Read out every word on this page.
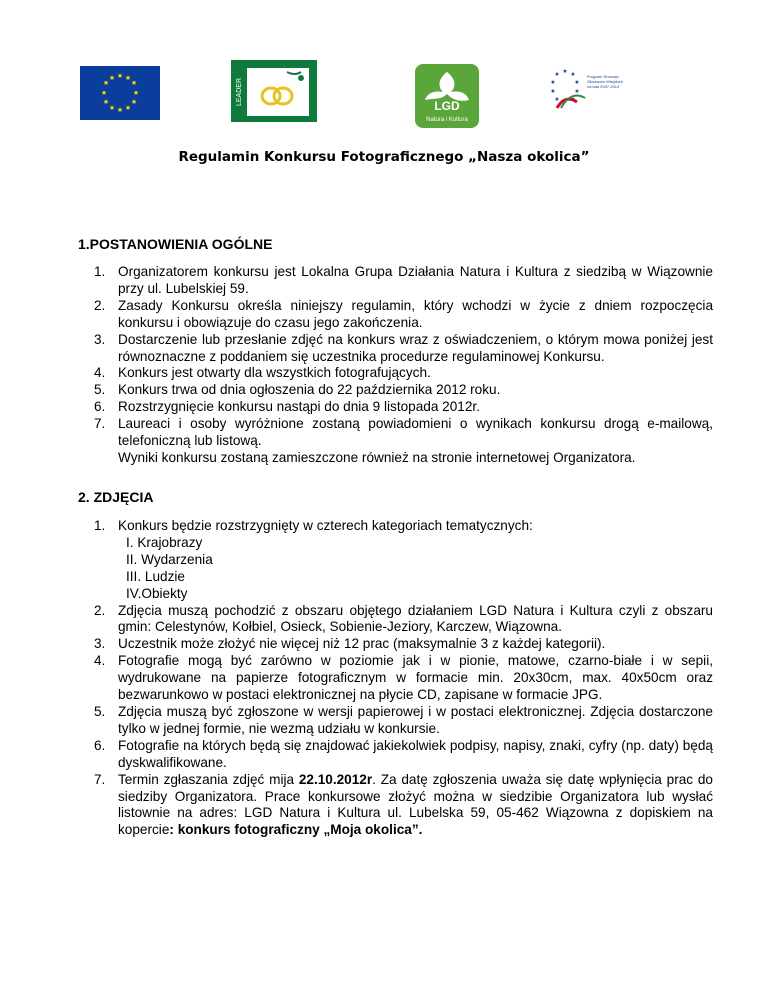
★ ★
★
★
★
★
★
★
★
★
★
★	LEADER	LGD
Natura i Kultura
★ ★ ★
★	★
★	★
★ ★
Program Rozwoju Obszarów Wiejskich na lata 2007-2013
Regulamin Konkursu Fotograficznego „Nasza okolica”
1.POSTANOWIENIA OGÓLNE
1. Organizatorem konkursu jest Lokalna Grupa Działania Natura i Kultura z siedzibą w Wiązownie przy ul. Lubelskiej 59.
2. Zasady Konkursu określa niniejszy regulamin, który wchodzi w życie z dniem rozpoczęcia konkursu i obowiązuje do czasu jego zakończenia.
3. Dostarczenie lub przesłanie zdjęć na konkurs wraz z oświadczeniem, o którym mowa poniżej jest równoznaczne z poddaniem się uczestnika procedurze regulaminowej Konkursu.
4. Konkurs jest otwarty dla wszystkich fotografujących.
5. Konkurs trwa od dnia ogłoszenia do 22 października 2012 roku.
6. Rozstrzygnięcie konkursu nastąpi do dnia 9 listopada 2012r.
7. Laureaci i osoby wyróżnione zostaną powiadomieni o wynikach konkursu drogą e-mailową, telefoniczną lub listową.
Wyniki konkursu zostaną zamieszczone również na stronie internetowej Organizatora.
2. ZDJĘCIA
1. Konkurs będzie rozstrzygnięty w czterech kategoriach tematycznych:
I. Krajobrazy
II. Wydarzenia
III. Ludzie
IV.Obiekty
2. Zdjęcia muszą pochodzić z obszaru objętego działaniem LGD Natura i Kultura czyli z obszaru gmin: Celestynów, Kołbiel, Osieck, Sobienie-Jeziory, Karczew, Wiązowna.
3. Uczestnik może złożyć nie więcej niż 12 prac (maksymalnie 3 z każdej kategorii).
4. Fotografie mogą być zarówno w poziomie jak i w pionie, matowe, czarno-białe i w sepii, wydrukowane na papierze fotograficznym w formacie min. 20x30cm, max. 40x50cm oraz bezwarunkowo w postaci elektronicznej na płycie CD, zapisane w formacie JPG.
5. Zdjęcia muszą być zgłoszone w wersji papierowej i w postaci elektronicznej. Zdjęcia dostarczone tylko w jednej formie, nie wezmą udziału w konkursie.
6. Fotografie na których będą się znajdować jakiekolwiek podpisy, napisy, znaki, cyfry (np. daty) będą dyskwalifikowane.
7. Termin zgłaszania zdjęć mija 22.10.2012r. Za datę zgłoszenia uważa się datę wpłynięcia prac do siedziby Organizatora. Prace konkursowe złożyć można w siedzibie Organizatora lub wysłać listownie na adres: LGD Natura i Kultura ul. Lubelska 59, 05-462 Wiązowna z dopiskiem na kopercie: konkurs fotograficzny „Moja okolica”.
